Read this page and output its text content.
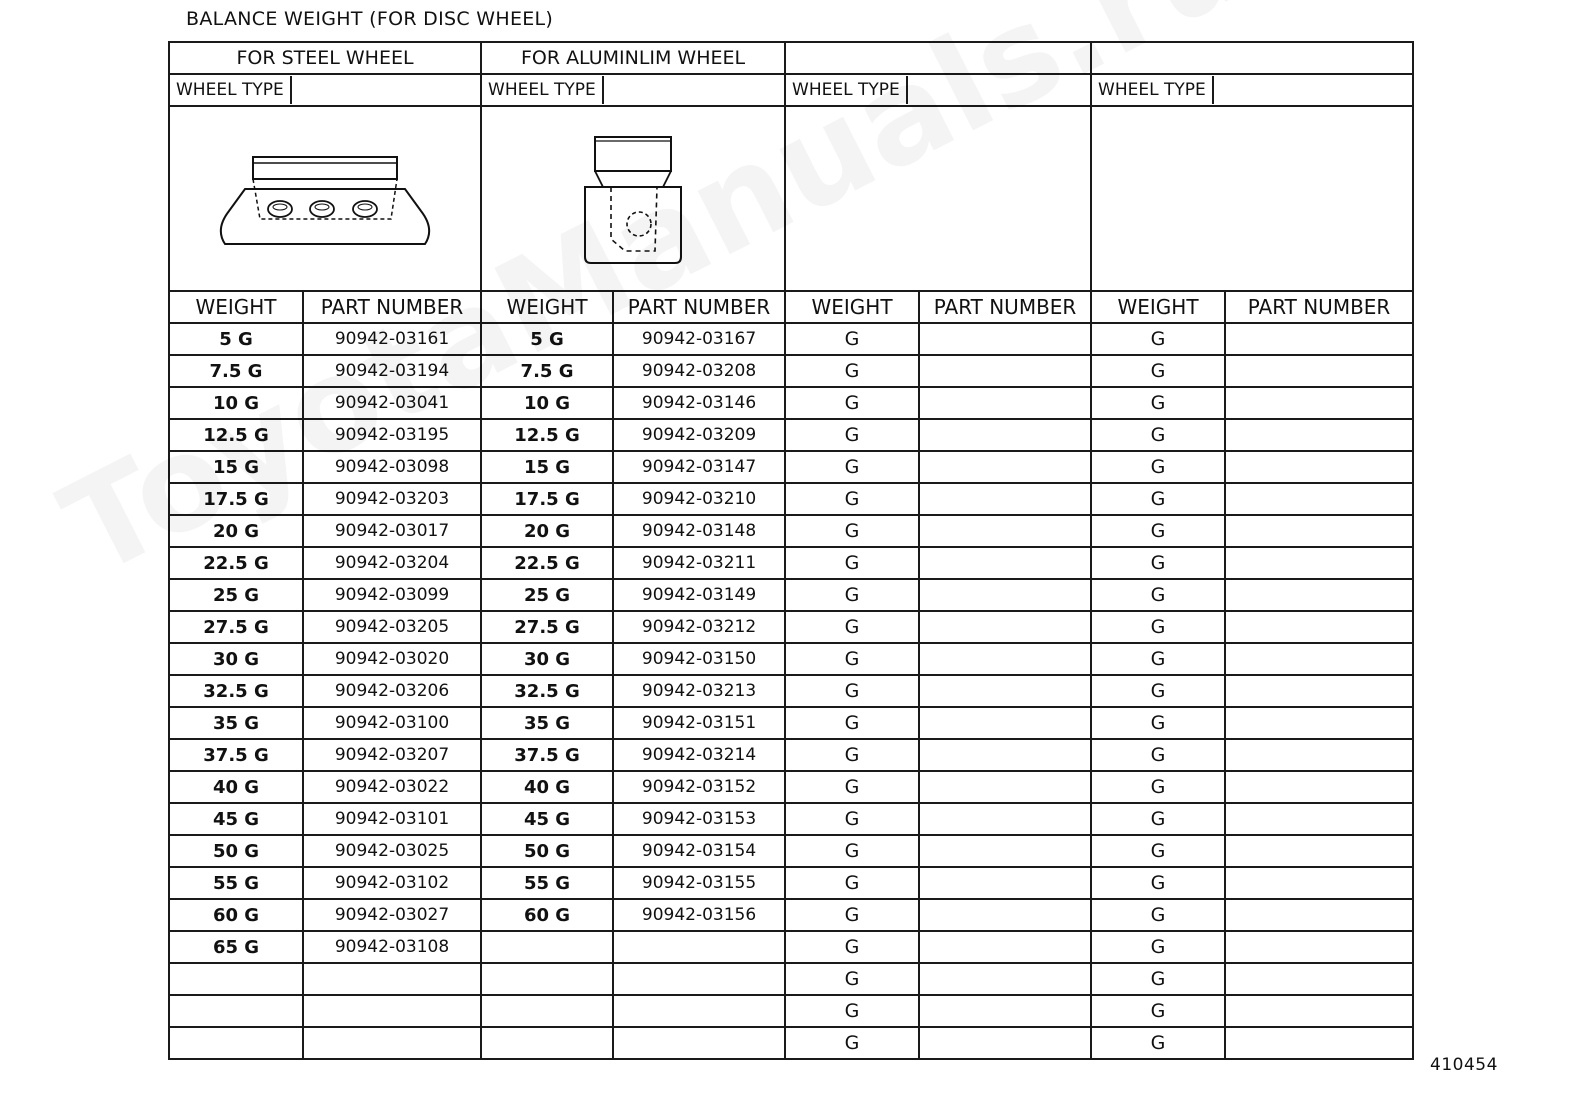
BALANCE WEIGHT (FOR DISC WHEEL)
FOR STEEL WHEEL		FOR ALUMINLIM WHEEL					
WHEEL TYPE		WHEEL TYPE		WHEEL TYPE		WHEEL TYPE	

WEIGHT	PART NUMBER	WEIGHT	PART NUMBER	WEIGHT	PART NUMBER	WEIGHT	PART NUMBER
5 G	90942-03161	5 G	90942-03167	G		G	
7.5 G	90942-03194	7.5 G	90942-03208	G		G	
10 G	90942-03041	10 G	90942-03146	G		G	
12.5 G	90942-03195	12.5 G	90942-03209	G		G	
15 G	90942-03098	15 G	90942-03147	G		G	
17.5 G	90942-03203	17.5 G	90942-03210	G		G	
20 G	90942-03017	20 G	90942-03148	G		G	
22.5 G	90942-03204	22.5 G	90942-03211	G		G	
25 G	90942-03099	25 G	90942-03149	G		G	
27.5 G	90942-03205	27.5 G	90942-03212	G		G	
30 G	90942-03020	30 G	90942-03150	G		G	
32.5 G	90942-03206	32.5 G	90942-03213	G		G	
35 G	90942-03100	35 G	90942-03151	G		G	
37.5 G	90942-03207	37.5 G	90942-03214	G		G	
40 G	90942-03022	40 G	90942-03152	G		G	
45 G	90942-03101	45 G	90942-03153	G		G	
50 G	90942-03025	50 G	90942-03154	G		G	
55 G	90942-03102	55 G	90942-03155	G		G	
60 G	90942-03027	60 G	90942-03156	G		G	
65 G	90942-03108			G		G	
				G		G	
				G		G	
				G		G	
410454
